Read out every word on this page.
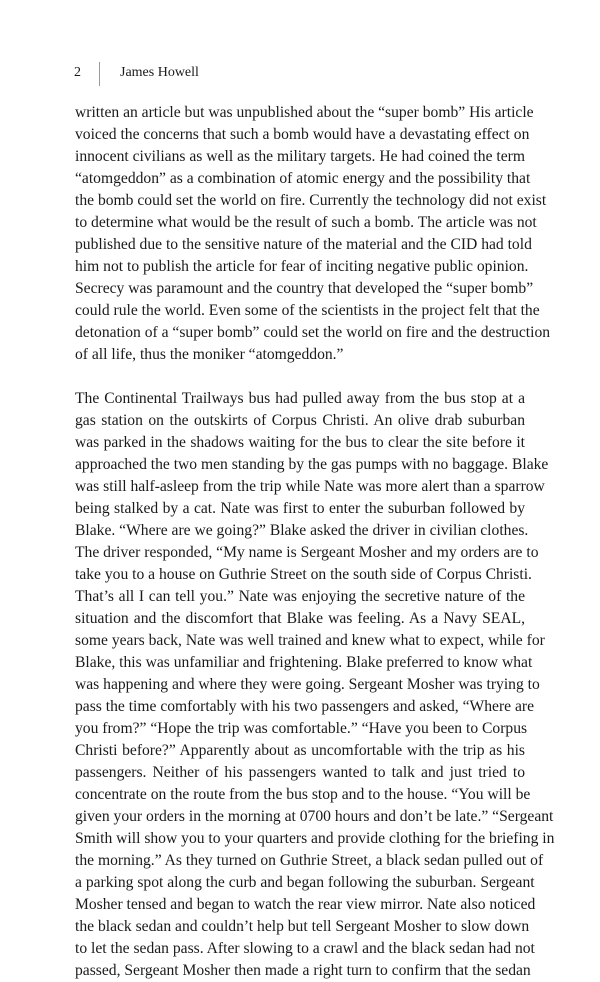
2	James Howell
written an article but was unpublished about the “super bomb” His article
voiced the concerns that such a bomb would have a devastating effect on
innocent civilians as well as the military targets. He had coined the term
“atomgeddon” as a combination of atomic energy and the possibility that
the bomb could set the world on fire. Currently the technology did not exist
to determine what would be the result of such a bomb. The article was not
published due to the sensitive nature of the material and the CID had told
him not to publish the article for fear of inciting negative public opinion.
Secrecy was paramount and the country that developed the “super bomb”
could rule the world. Even some of the scientists in the project felt that the
detonation of a “super bomb” could set the world on fire and the destruction
of all life, thus the moniker “atomgeddon.”
The Continental Trailways bus had pulled away from the bus stop at a
gas station on the outskirts of Corpus Christi. An olive drab suburban
was parked in the shadows waiting for the bus to clear the site before it
approached the two men standing by the gas pumps with no baggage. Blake
was still half-asleep from the trip while Nate was more alert than a sparrow
being stalked by a cat. Nate was first to enter the suburban followed by
Blake. “Where are we going?” Blake asked the driver in civilian clothes.
The driver responded, “My name is Sergeant Mosher and my orders are to
take you to a house on Guthrie Street on the south side of Corpus Christi.
That’s all I can tell you.” Nate was enjoying the secretive nature of the
situation and the discomfort that Blake was feeling. As a Navy SEAL,
some years back, Nate was well trained and knew what to expect, while for
Blake, this was unfamiliar and frightening. Blake preferred to know what
was happening and where they were going. Sergeant Mosher was trying to
pass the time comfortably with his two passengers and asked, “Where are
you from?” “Hope the trip was comfortable.” “Have you been to Corpus
Christi before?” Apparently about as uncomfortable with the trip as his
passengers. Neither of his passengers wanted to talk and just tried to
concentrate on the route from the bus stop and to the house. “You will be
given your orders in the morning at 0700 hours and don’t be late.” “Sergeant
Smith will show you to your quarters and provide clothing for the briefing in
the morning.” As they turned on Guthrie Street, a black sedan pulled out of
a parking spot along the curb and began following the suburban. Sergeant
Mosher tensed and began to watch the rear view mirror. Nate also noticed
the black sedan and couldn’t help but tell Sergeant Mosher to slow down
to let the sedan pass. After slowing to a crawl and the black sedan had not
passed, Sergeant Mosher then made a right turn to confirm that the sedan
